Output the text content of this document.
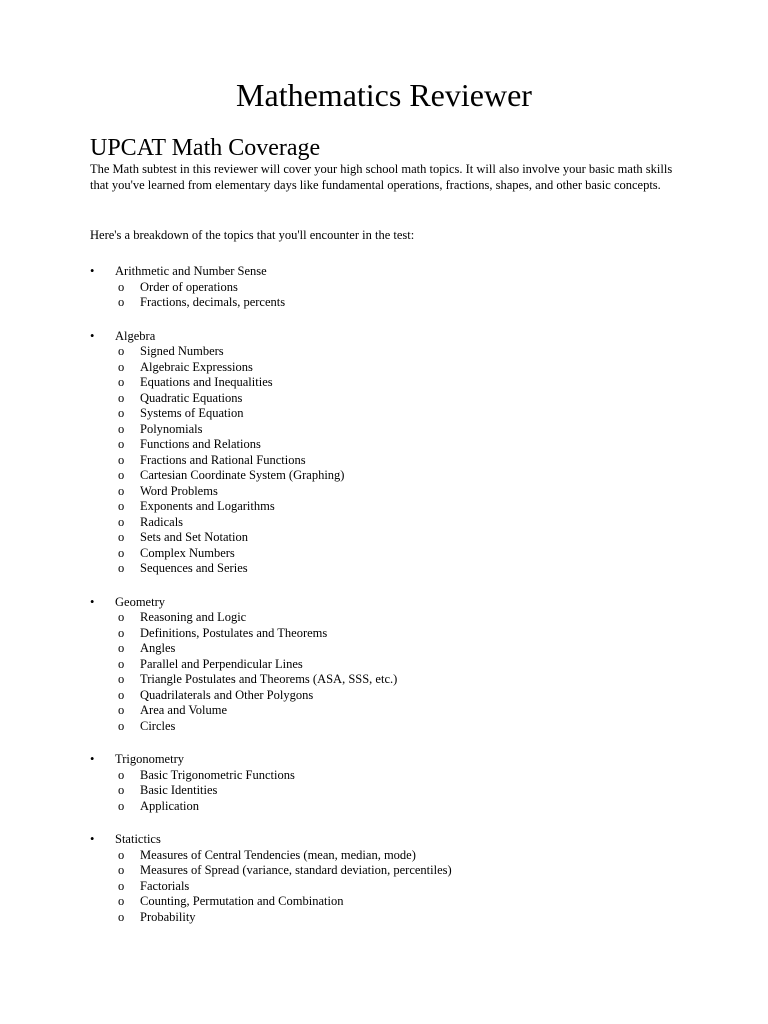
Mathematics Reviewer
UPCAT Math Coverage

The Math subtest in this reviewer will cover your high school math topics. It will also involve your basic math skills that you've learned from elementary days like fundamental operations, fractions, shapes, and other basic concepts.

Here's a breakdown of the topics that you'll encounter in the test:

•	Arithmetic and Number Sense
o Order of operations
o Fractions, decimals, percents
•	Algebra
o Signed Numbers
o Algebraic Expressions
o Equations and Inequalities
o Quadratic Equations
o Systems of Equation
o Polynomials
o Functions and Relations
o Fractions and Rational Functions
o Cartesian Coordinate System (Graphing)
o Word Problems
o Exponents and Logarithms
o Radicals
o Sets and Set Notation
o Complex Numbers
o Sequences and Series
•	Geometry
o Reasoning and Logic
o Definitions, Postulates and Theorems
o Angles
o Parallel and Perpendicular Lines
o Triangle Postulates and Theorems (ASA, SSS, etc.)
o Quadrilaterals and Other Polygons
o Area and Volume
o Circles
•	Trigonometry
o Basic Trigonometric Functions
o Basic Identities
o Application
•	Statictics
o Measures of Central Tendencies (mean, median, mode)
o Measures of Spread (variance, standard deviation, percentiles)
o Factorials
o Counting, Permutation and Combination
o Probability
